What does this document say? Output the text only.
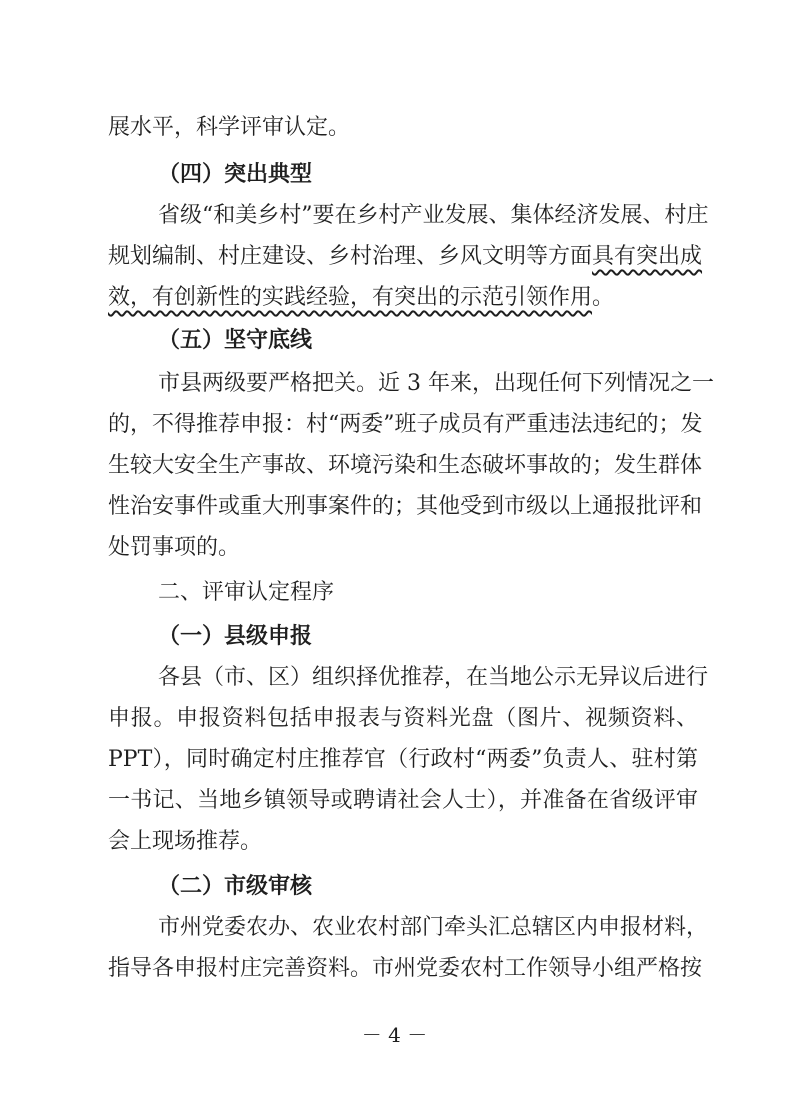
展水平，科学评审认定。
（四）突出典型
省级“和美乡村”要在乡村产业发展、集体经济发展、村庄
规划编制、村庄建设、乡村治理、乡风文明等方面具有突出成
效，有创新性的实践经验，有突出的示范引领作用。
（五）坚守底线
市县两级要严格把关。近 3 年来，出现任何下列情况之一
的，不得推荐申报：村“两委”班子成员有严重违法违纪的；发
生较大安全生产事故、环境污染和生态破坏事故的；发生群体
性治安事件或重大刑事案件的；其他受到市级以上通报批评和
处罚事项的。
二、评审认定程序
（一）县级申报
各县（市、区）组织择优推荐，在当地公示无异议后进行
申报。申报资料包括申报表与资料光盘（图片、视频资料、
PPT），同时确定村庄推荐官（行政村“两委”负责人、驻村第
一书记、当地乡镇领导或聘请社会人士），并准备在省级评审
会上现场推荐。
（二）市级审核
市州党委农办、农业农村部门牵头汇总辖区内申报材料，
指导各申报村庄完善资料。市州党委农村工作领导小组严格按
－ 4 －
